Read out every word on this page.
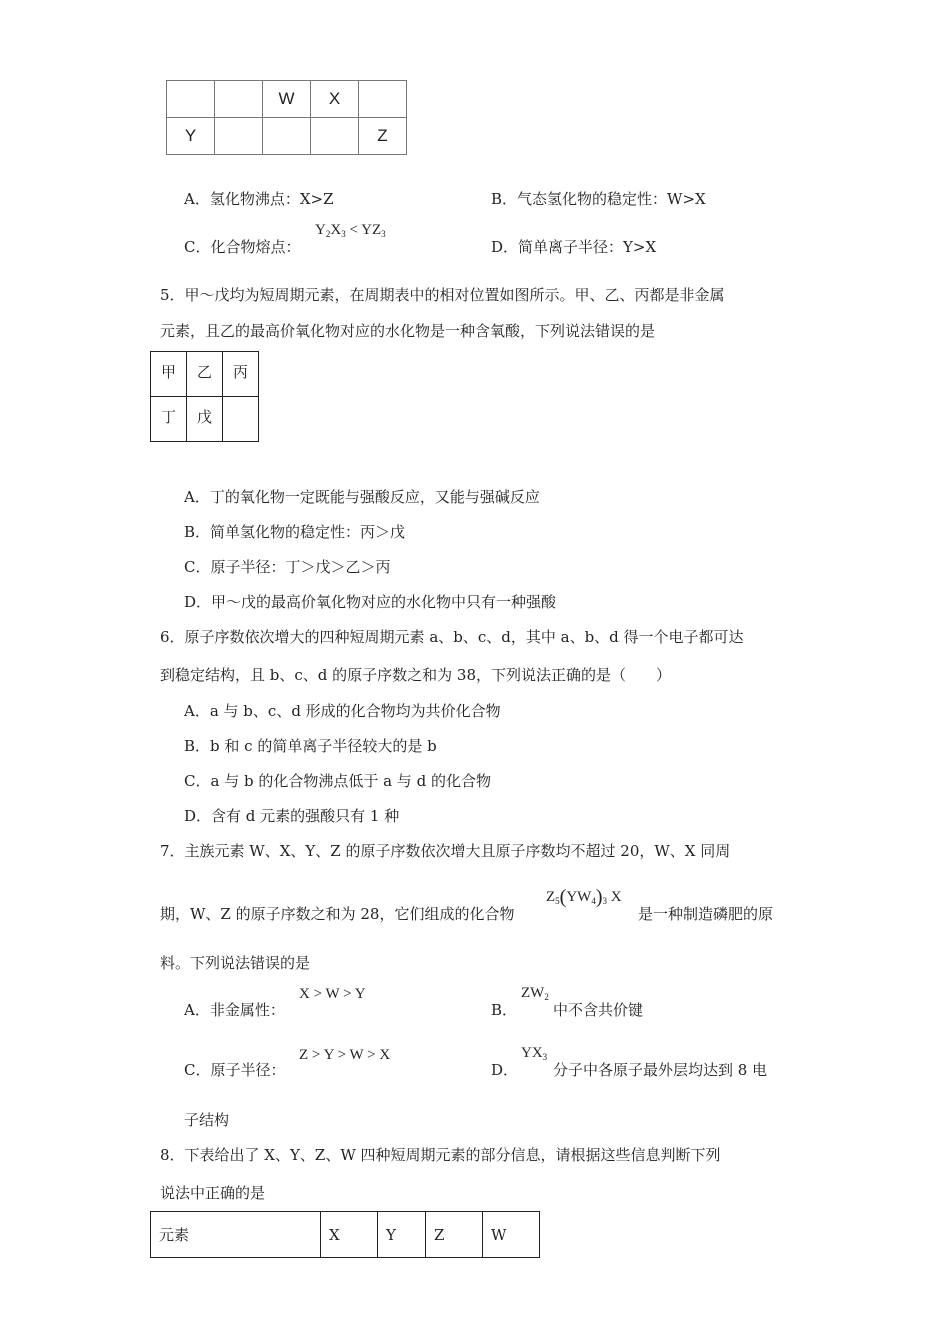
		W	X	
Y				Z
A．氢化物沸点：X>Z	B．气态氢化物的稳定性：W>X
C．化合物熔点：
$Y_2X_3 < YZ_3$
D．简单离子半径：Y>X
5．甲～戊均为短周期元素，在周期表中的相对位置如图所示。甲、乙、丙都是非金属
元素，且乙的最高价氧化物对应的水化物是一种含氧酸，下列说法错误的是
甲	乙	丙
丁	戊	
A．丁的氧化物一定既能与强酸反应，又能与强碱反应
B．简单氢化物的稳定性：丙＞戊
C．原子半径：丁＞戊＞乙＞丙
D．甲～戊的最高价氧化物对应的水化物中只有一种强酸
6．原子序数依次增大的四种短周期元素 a、b、c、d，其中 a、b、d 得一个电子都可达
到稳定结构，且 b、c、d 的原子序数之和为 38，下列说法正确的是（　　）
A．a 与 b、c、d 形成的化合物均为共价化合物
B．b 和 c 的简单离子半径较大的是 b
C．a 与 b 的化合物沸点低于 a 与 d 的化合物
D．含有 d 元素的强酸只有 1 种
7．主族元素 W、X、Y、Z 的原子序数依次增大且原子序数均不超过 20，W、X 同周
期，W、Z 的原子序数之和为 28，它们组成的化合物
$Z_5(YW_4)_3$ X
是一种制造磷肥的原
料。下列说法错误的是
A．非金属性：
X > W > Y
B．
$ZW_2$
中不含共价键
C．原子半径：
Z > Y > W > X
D．
$YX_3$
分子中各原子最外层均达到 8 电
子结构
8．下表给出了 X、Y、Z、W 四种短周期元素的部分信息，请根据这些信息判断下列
说法中正确的是
元素	X	Y	Z	W
